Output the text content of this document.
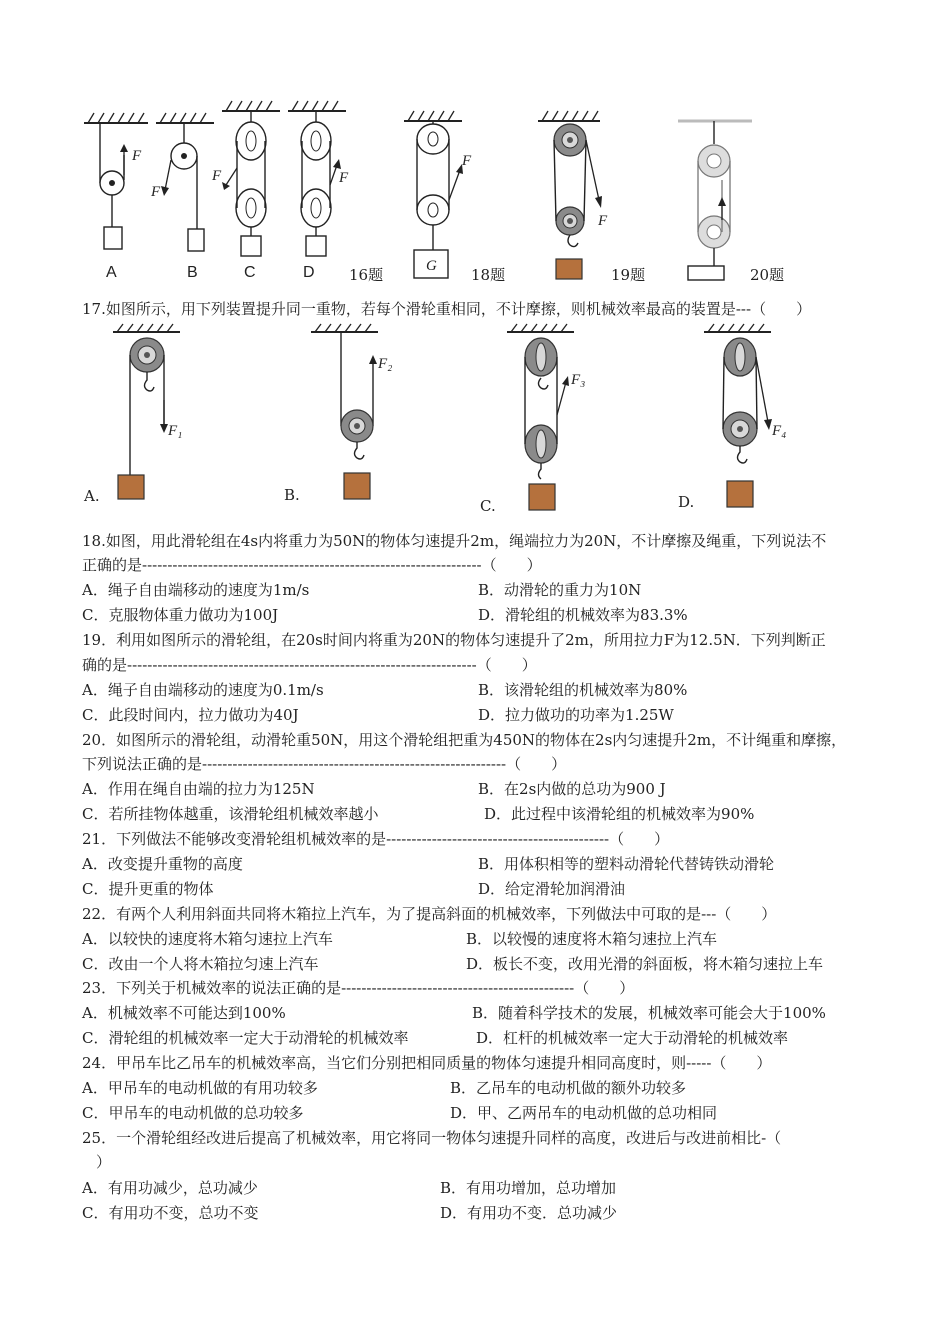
F
F
F	F
F
F
G
A	B	C	D 16题	18题	19题	20题
17.如图所示，用下列装置提升同一重物，若每个滑轮重相同，不计摩擦，则机械效率最高的装置是---（　　）
F₁
F₂
F₃
F₄
A.	B.
C.	D.
18.如图，用此滑轮组在4s内将重力为50N的物体匀速提升2m，绳端拉力为20N，不计摩擦及绳重，下列说法不
正确的是-------------------------------------------------------------------（　　）
A．绳子自由端移动的速度为1m/s	B．动滑轮的重力为10N
C．克服物体重力做功为100J	D．滑轮组的机械效率为83.3%
19．利用如图所示的滑轮组，在20s时间内将重为20N的物体匀速提升了2m，所用拉力F为12.5N．下列判断正
确的是---------------------------------------------------------------------（　　）
A．绳子自由端移动的速度为0.1m/s	B．该滑轮组的机械效率为80%
C．此段时间内，拉力做功为40J	D．拉力做功的功率为1.25W
20．如图所示的滑轮组，动滑轮重50N，用这个滑轮组把重为450N的物体在2s内匀速提升2m，不计绳重和摩擦，
下列说法正确的是------------------------------------------------------------（　　）
A．作用在绳自由端的拉力为125N	B．在2s内做的总功为900 J
C．若所挂物体越重，该滑轮组机械效率越小	D．此过程中该滑轮组的机械效率为90%
21．下列做法不能够改变滑轮组机械效率的是--------------------------------------------（　　）
A．改变提升重物的高度	B．用体积相等的塑料动滑轮代替铸铁动滑轮
C．提升更重的物体	D．给定滑轮加润滑油
22．有两个人利用斜面共同将木箱拉上汽车，为了提高斜面的机械效率，下列做法中可取的是---（　　）
A．以较快的速度将木箱匀速拉上汽车	B．以较慢的速度将木箱匀速拉上汽车
C．改由一个人将木箱拉匀速上汽车	D．板长不变，改用光滑的斜面板，将木箱匀速拉上车
23．下列关于机械效率的说法正确的是----------------------------------------------（　　）
A．机械效率不可能达到100%	B．随着科学技术的发展，机械效率可能会大于100%
C．滑轮组的机械效率一定大于动滑轮的机械效率	D．杠杆的机械效率一定大于动滑轮的机械效率
24．甲吊车比乙吊车的机械效率高，当它们分别把相同质量的物体匀速提升相同高度时，则-----（　　）
A．甲吊车的电动机做的有用功较多	B．乙吊车的电动机做的额外功较多
C．甲吊车的电动机做的总功较多	D．甲、乙两吊车的电动机做的总功相同
25．一个滑轮组经改进后提高了机械效率，用它将同一物体匀速提升同样的高度，改进后与改进前相比-（
）
A．有用功减少，总功减少	B．有用功增加，总功增加
C．有用功不变，总功不变	D．有用功不变．总功减少
